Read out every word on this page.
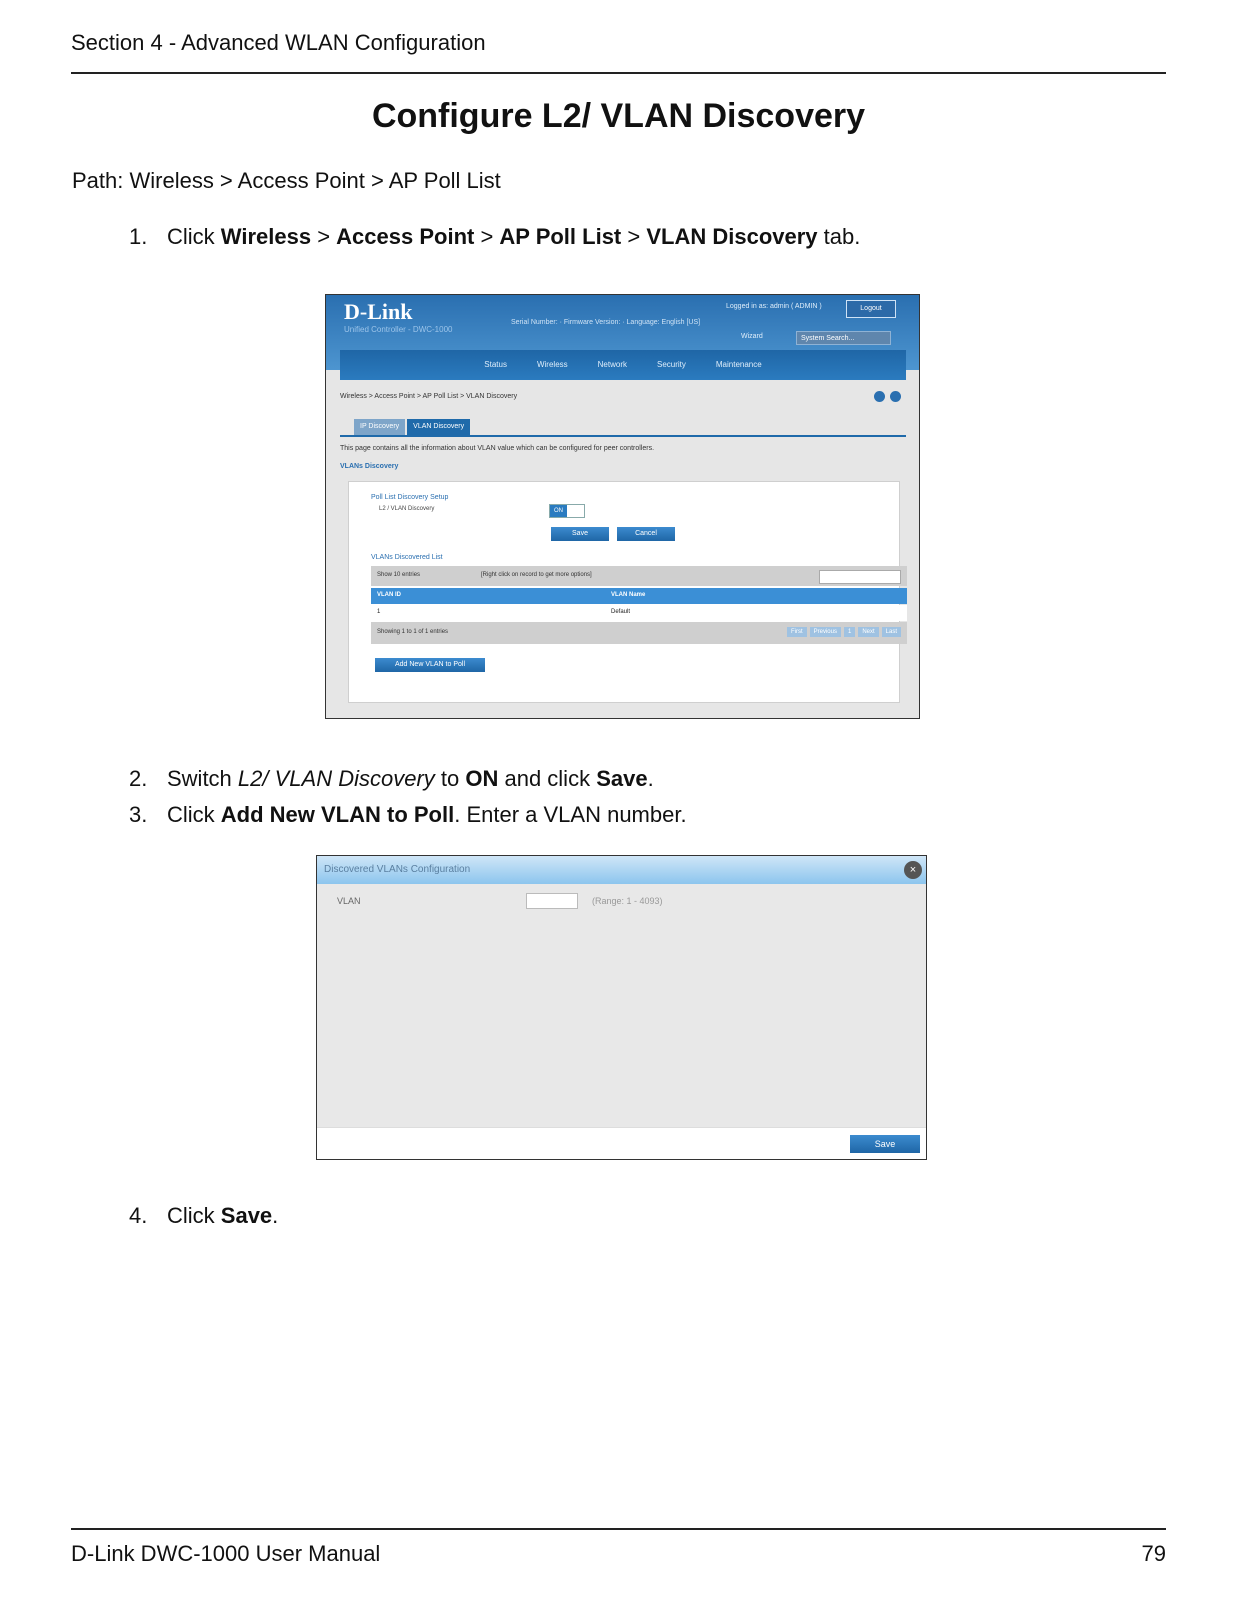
Section 4 - Advanced WLAN Configuration
Configure L2/ VLAN Discovery
Path: Wireless > Access Point > AP Poll List
1. Click Wireless > Access Point > AP Poll List > VLAN Discovery tab.
D-Link
Unified Controller - DWC-1000
Logged in as: admin ( ADMIN )	Logout
Serial Number: · Firmware Version: · Language: English [US]
Wizard	System Search...
Status	Wireless	Network	Security	Maintenance
Wireless > Access Point > AP Poll List > VLAN Discovery
IP Discovery	VLAN Discovery
This page contains all the information about VLAN value which can be configured for peer controllers.
VLANs Discovery
Poll List Discovery Setup
L2 / VLAN Discovery	ON
Save	Cancel
VLANs Discovered List
Show 10 entries	[Right click on record to get more options]
VLAN ID	VLAN Name
1	Default
Showing 1 to 1 of 1 entries	First	Previous	1	Next	Last
Add New VLAN to Poll
2. Switch L2/ VLAN Discovery to ON and click Save.
3. Click Add New VLAN to Poll. Enter a VLAN number.
Discovered VLANs Configuration	×
VLAN	(Range: 1 - 4093)
Save
4. Click Save.
D-Link DWC-1000 User Manual	79
